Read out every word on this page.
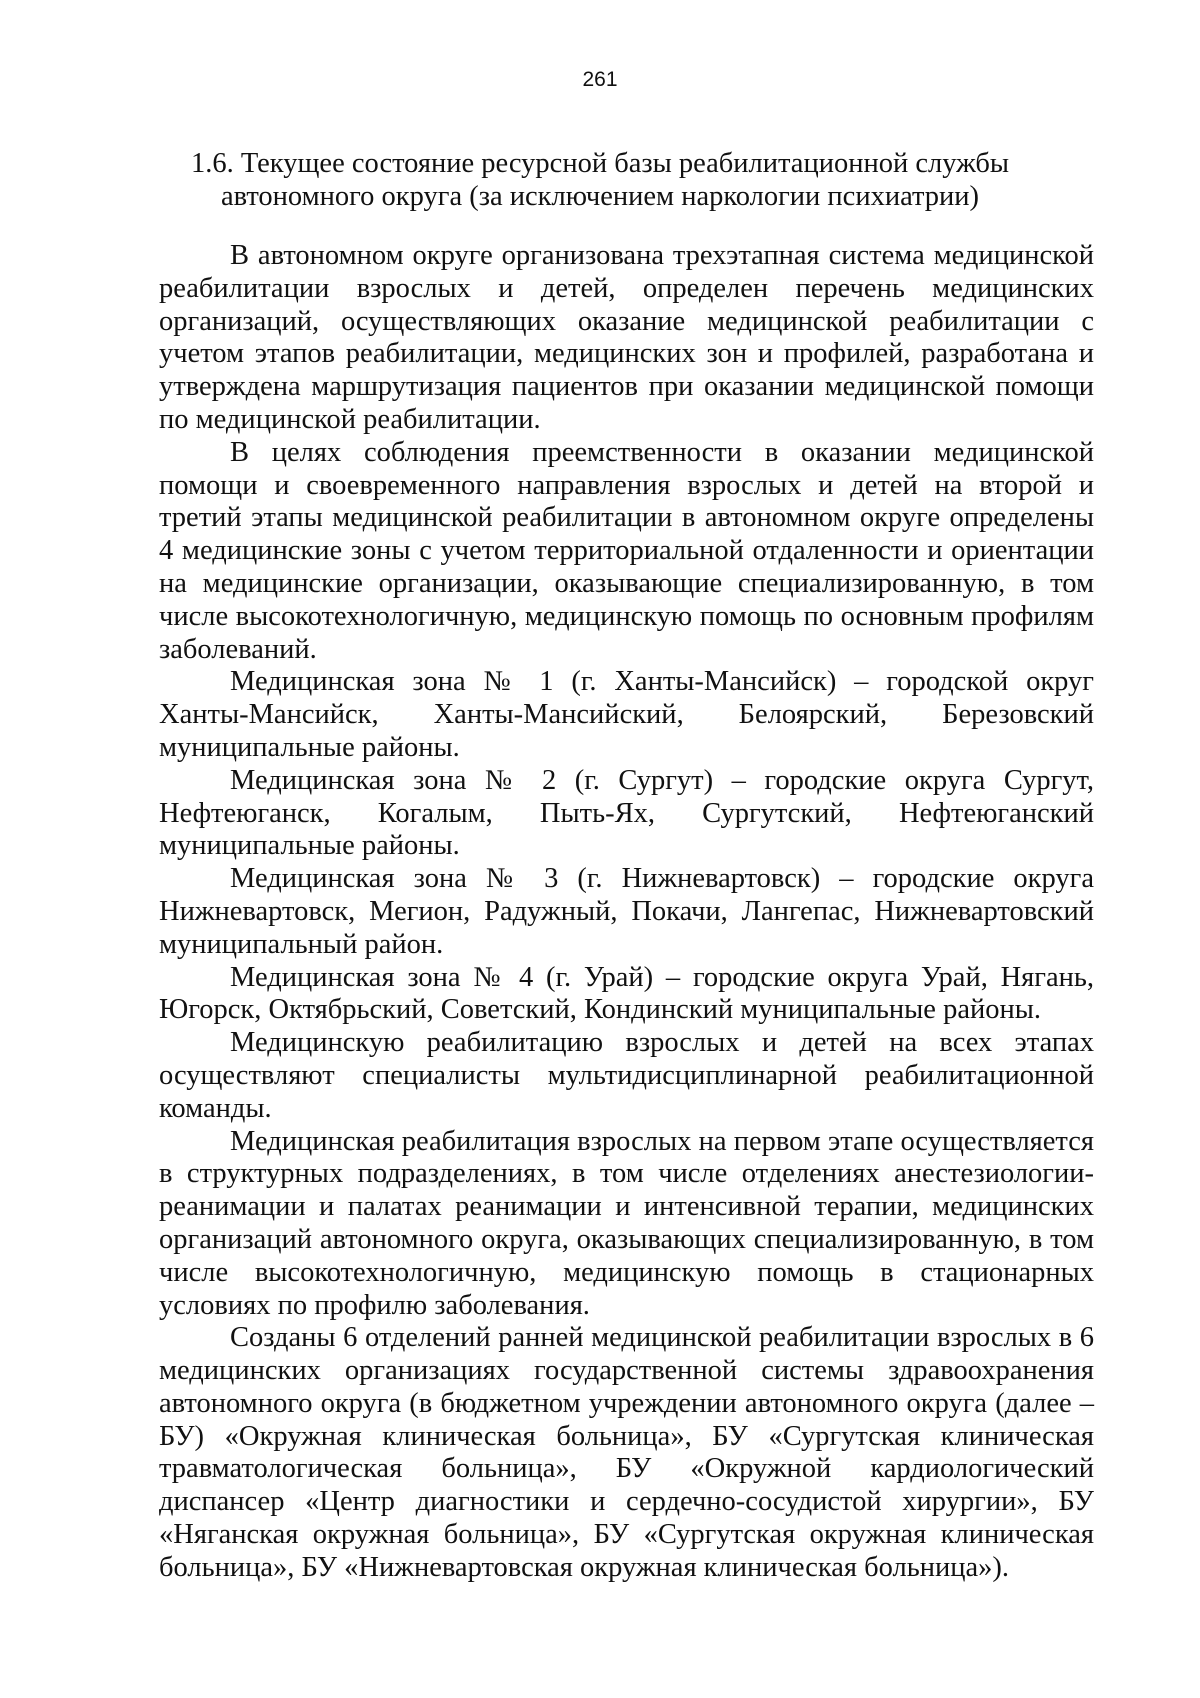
261
1.6. Текущее состояние ресурсной базы реабилитационной службы
автономного округа (за исключением наркологии психиатрии)

В автономном округе организована трехэтапная система медицинской реабилитации взрослых и детей, определен перечень медицинских организаций, осуществляющих оказание медицинской реабилитации с учетом этапов реабилитации, медицинских зон и профилей, разработана и утверждена маршрутизация пациентов при оказании медицинской помощи по медицинской реабилитации.

В целях соблюдения преемственности в оказании медицинской помощи и своевременного направления взрослых и детей на второй и третий этапы медицинской реабилитации в автономном округе определены 4 медицинские зоны с учетом территориальной отдаленности и ориентации на медицинские организации, оказывающие специализированную, в том числе высокотехнологичную, медицинскую помощь по основным профилям заболеваний.

Медицинская зона № 1 (г. Ханты-Мансийск) – городской округ Ханты-Мансийск, Ханты-Мансийский, Белоярский, Березовский муниципальные районы.

Медицинская зона № 2 (г. Сургут) – городские округа Сургут, Нефтеюганск, Когалым, Пыть-Ях, Сургутский, Нефтеюганский муниципальные районы.

Медицинская зона № 3 (г. Нижневартовск) – городские округа Нижневартовск, Мегион, Радужный, Покачи, Лангепас, Нижневартовский муниципальный район.

Медицинская зона № 4 (г. Урай) – городские округа Урай, Нягань, Югорск, Октябрьский, Советский, Кондинский муниципальные районы.

Медицинскую реабилитацию взрослых и детей на всех этапах осуществляют специалисты мультидисциплинарной реабилитационной команды.

Медицинская реабилитация взрослых на первом этапе осуществляется в структурных подразделениях, в том числе отделениях анестезиологии-реанимации и палатах реанимации и интенсивной терапии, медицинских организаций автономного округа, оказывающих специализированную, в том числе высокотехнологичную, медицинскую помощь в стационарных условиях по профилю заболевания.

Созданы 6 отделений ранней медицинской реабилитации взрослых в 6 медицинских организациях государственной системы здравоохранения автономного округа (в бюджетном учреждении автономного округа (далее – БУ) «Окружная клиническая больница», БУ «Сургутская клиническая травматологическая больница», БУ «Окружной кардиологический диспансер «Центр диагностики и сердечно-сосудистой хирургии», БУ «Няганская окружная больница», БУ «Сургутская окружная клиническая больница», БУ «Нижневартовская окружная клиническая больница»).
